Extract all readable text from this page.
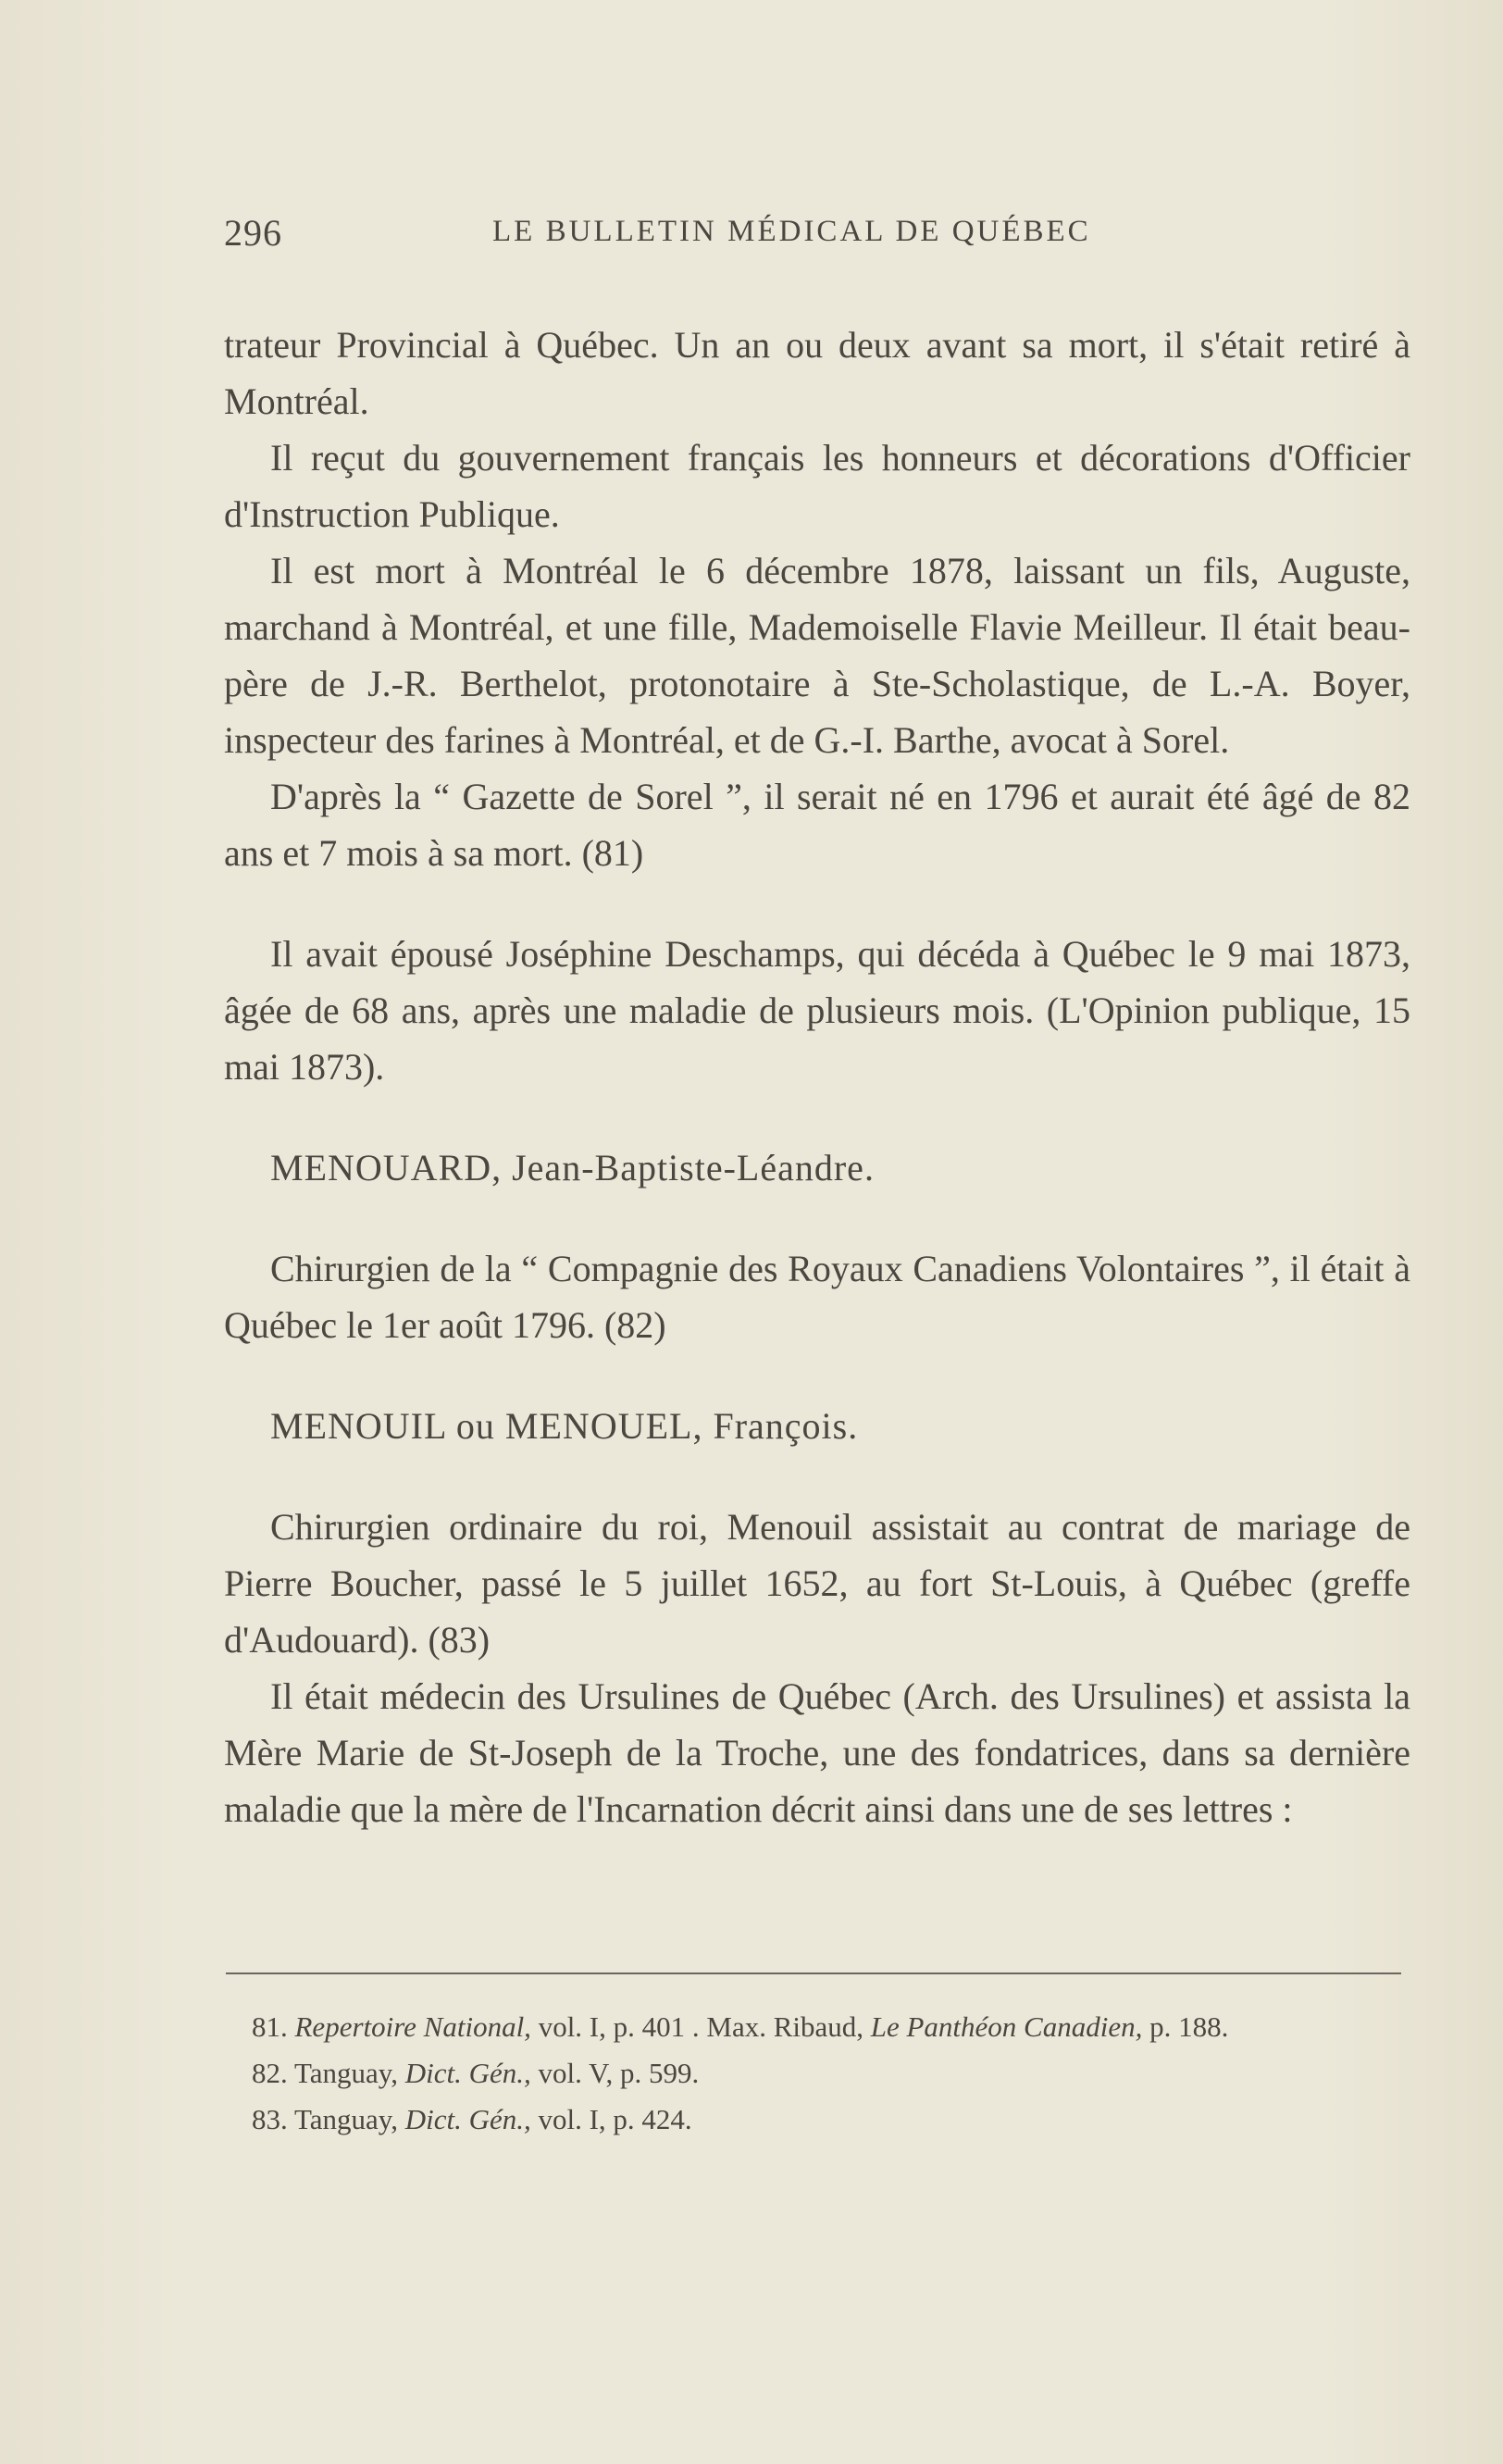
296	LE BULLETIN MÉDICAL DE QUÉBEC

trateur Provincial à Québec. Un an ou deux avant sa mort, il s'était retiré à Montréal.

Il reçut du gouvernement français les honneurs et décorations d'Officier d'Instruction Publique.

Il est mort à Montréal le 6 décembre 1878, laissant un fils, Auguste, marchand à Montréal, et une fille, Mademoiselle Flavie Meilleur. Il était beau-père de J.-R. Berthelot, protonotaire à Ste-Scholastique, de L.-A. Boyer, inspecteur des farines à Montréal, et de G.-I. Barthe, avocat à Sorel.

D'après la “ Gazette de Sorel ”, il serait né en 1796 et aurait été âgé de 82 ans et 7 mois à sa mort. (81)

Il avait épousé Joséphine Deschamps, qui décéda à Québec le 9 mai 1873, âgée de 68 ans, après une maladie de plusieurs mois. (L'Opinion publique, 15 mai 1873).

MENOUARD, Jean-Baptiste-Léandre.

Chirurgien de la “ Compagnie des Royaux Canadiens Volontaires ”, il était à Québec le 1er août 1796. (82)

MENOUIL ou MENOUEL, François.

Chirurgien ordinaire du roi, Menouil assistait au contrat de mariage de Pierre Boucher, passé le 5 juillet 1652, au fort St-Louis, à Québec (greffe d'Audouard). (83)

Il était médecin des Ursulines de Québec (Arch. des Ursulines) et assista la Mère Marie de St-Joseph de la Troche, une des fondatrices, dans sa dernière maladie que la mère de l'Incarnation décrit ainsi dans une de ses lettres :

81. Repertoire National, vol. I, p. 401 . Max. Ribaud, Le Panthéon Canadien, p. 188.

82. Tanguay, Dict. Gén., vol. V, p. 599.

83. Tanguay, Dict. Gén., vol. I, p. 424.
